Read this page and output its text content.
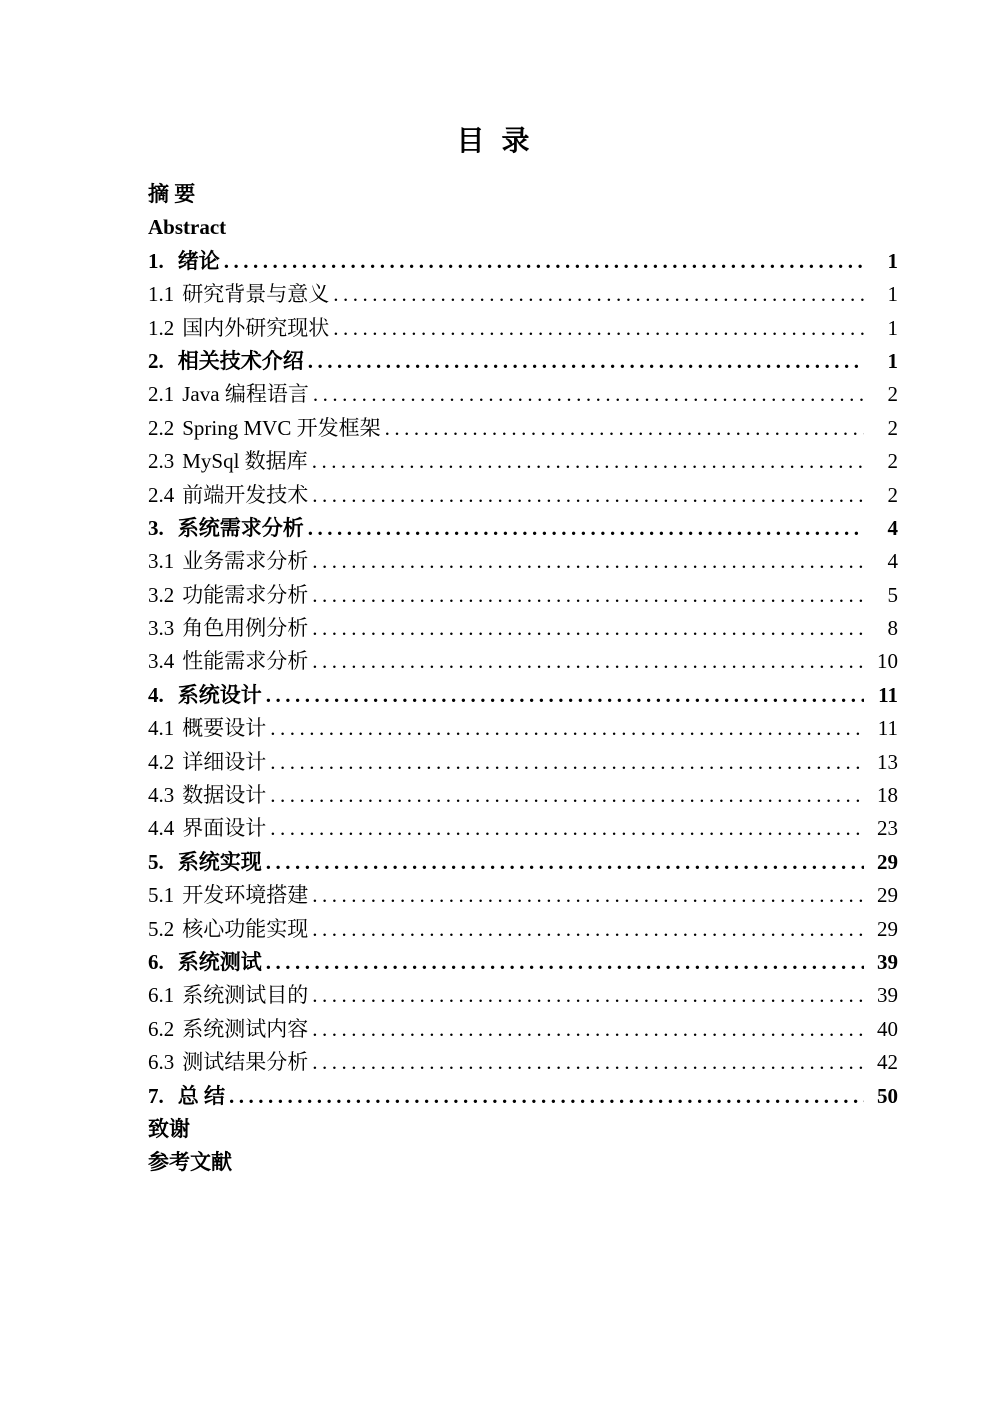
目 录
摘 要
Abstract
1. 绪论 .....	1
1.1 研究背景与意义 .....	1
1.2 国内外研究现状 .....	1
2. 相关技术介绍 .....	1
2.1 Java 编程语言 .....	2
2.2 Spring MVC 开发框架 .....	2
2.3 MySql 数据库 .....	2
2.4 前端开发技术 .....	2
3. 系统需求分析 .....	4
3.1 业务需求分析 .....	4
3.2 功能需求分析 .....	5
3.3 角色用例分析 .....	8
3.4 性能需求分析 .....	10
4. 系统设计 .....	11
4.1 概要设计 .....	11
4.2 详细设计 .....	13
4.3 数据设计 .....	18
4.4 界面设计 .....	23
5. 系统实现 .....	29
5.1 开发环境搭建 .....	29
5.2 核心功能实现 .....	29
6. 系统测试 .....	39
6.1 系统测试目的 .....	39
6.2 系统测试内容 .....	40
6.3 测试结果分析 .....	42
7. 总 结 .....	50
致谢
参考文献
